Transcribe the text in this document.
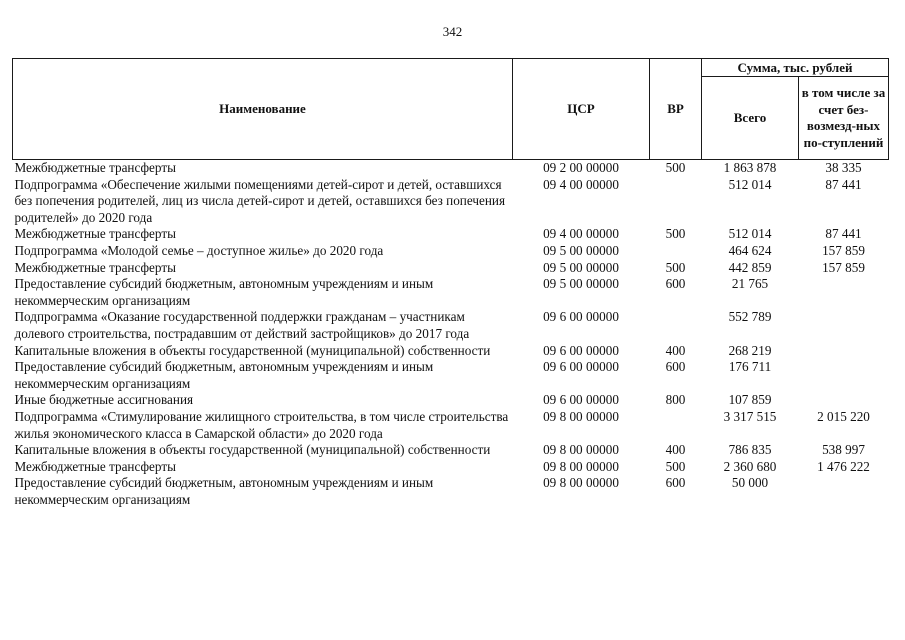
342
Наименование	ЦСР	ВР	Сумма, тыс. рублей	
			Всего	в том числе за счет без-возмезд-ных по-ступлений
Межбюджетные трансферты	09 2 00 00000	500	1 863 878	38 335
Подпрограмма «Обеспечение жилыми помещениями детей-сирот и детей, оставшихся без попечения родителей, лиц из числа детей-сирот и детей, оставшихся без попечения родителей» до 2020 года	09 4 00 00000		512 014	87 441
Межбюджетные трансферты	09 4 00 00000	500	512 014	87 441
Подпрограмма «Молодой семье – доступное жилье» до 2020 года	09 5 00 00000		464 624	157 859
Межбюджетные трансферты	09 5 00 00000	500	442 859	157 859
Предоставление субсидий бюджетным, автономным учреждениям и иным некоммерческим организациям	09 5 00 00000	600	21 765	
Подпрограмма «Оказание государственной поддержки гражданам – участникам долевого строительства, пострадавшим от действий застройщиков» до 2017 года	09 6 00 00000		552 789	
Капитальные вложения в объекты государственной (муниципальной) собственности	09 6 00 00000	400	268 219	
Предоставление субсидий бюджетным, автономным учреждениям и иным некоммерческим организациям	09 6 00 00000	600	176 711	
Иные бюджетные ассигнования	09 6 00 00000	800	107 859	
Подпрограмма «Стимулирование жилищного строительства, в том числе строительства жилья экономического класса в Самарской области» до 2020 года	09 8 00 00000		3 317 515	2 015 220
Капитальные вложения в объекты государственной (муниципальной) собственности	09 8 00 00000	400	786 835	538 997
Межбюджетные трансферты	09 8 00 00000	500	2 360 680	1 476 222
Предоставление субсидий бюджетным, автономным учреждениям и иным некоммерческим организациям	09 8 00 00000	600	50 000	
